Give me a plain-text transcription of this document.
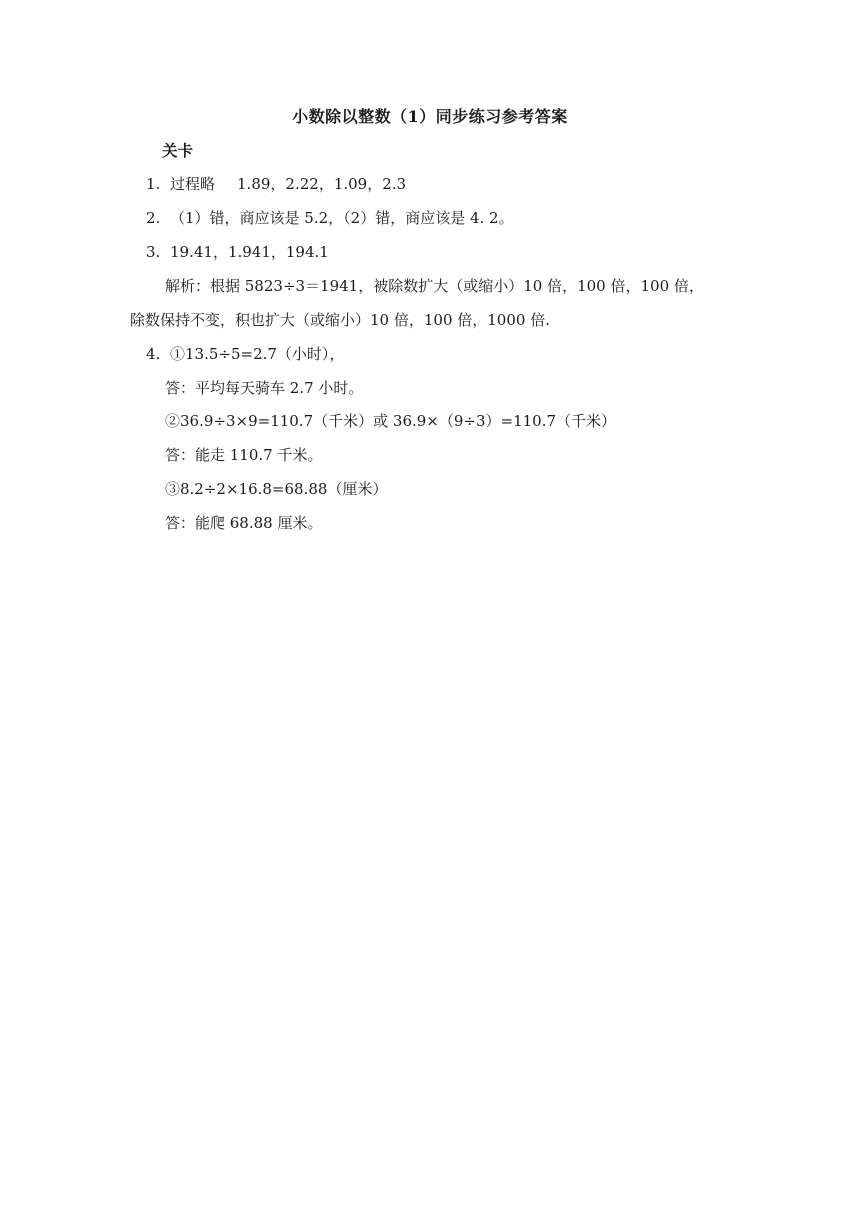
小数除以整数（1）同步练习参考答案
关卡
1. 过程略 1.89，2.22，1.09，2.3
2. （1）错，商应该是 5.2，（2）错，商应该是 4. 2。
3. 19.41，1.941，194.1
解析：根据 5823÷3＝1941，被除数扩大（或缩小）10 倍，100 倍，100 倍，
除数保持不变，积也扩大（或缩小）10 倍，100 倍，1000 倍.
4. ①13.5÷5=2.7（小时），
答：平均每天骑车 2.7 小时。
②36.9÷3×9=110.7（千米）或 36.9×（9÷3）=110.7（千米）
答：能走 110.7 千米。
③8.2÷2×16.8=68.88（厘米）
答：能爬 68.88 厘米。
